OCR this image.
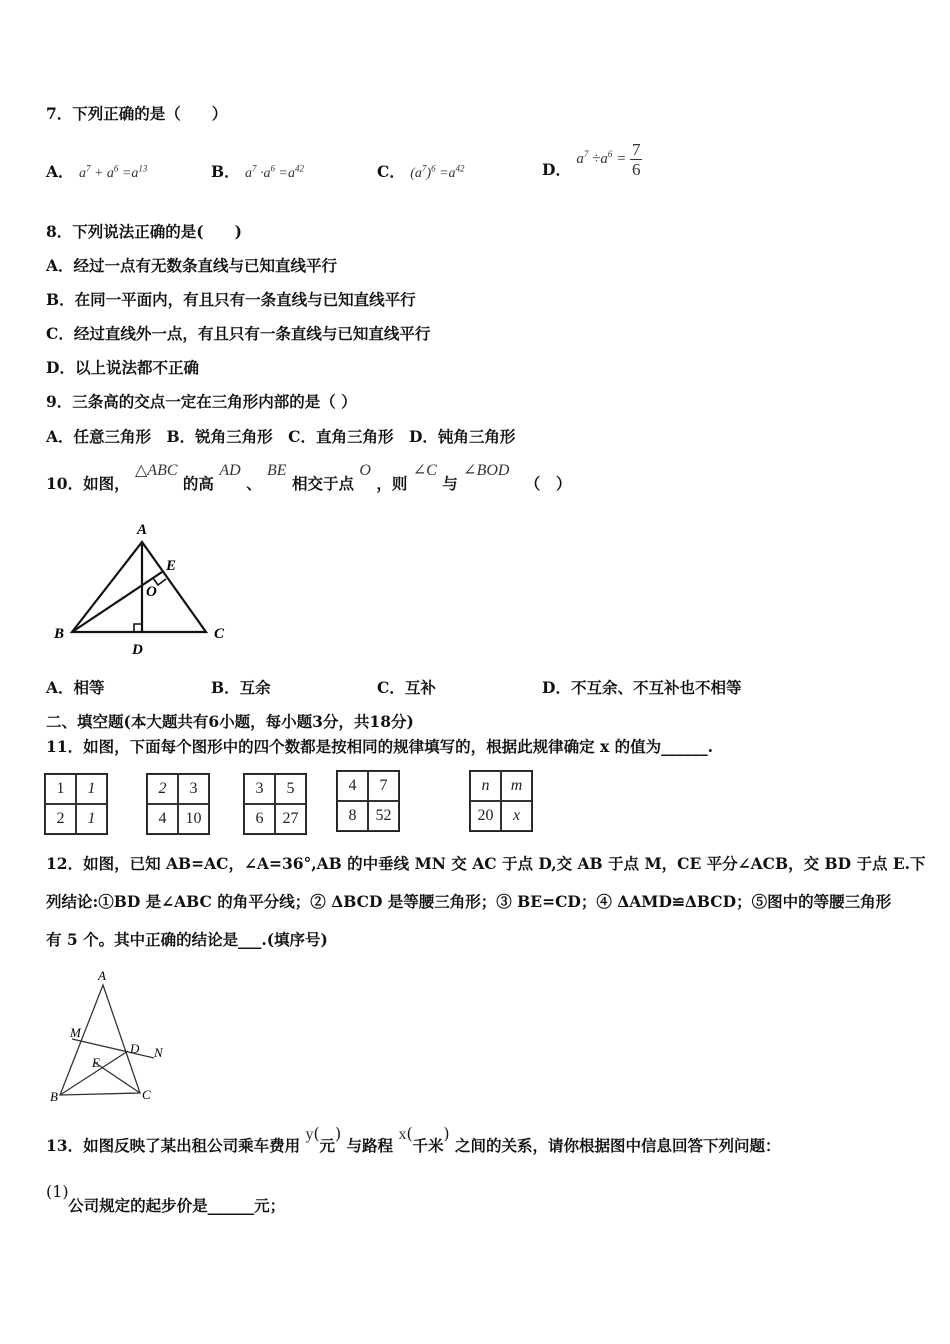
7．下列正确的是（　　）
A． $a^7 + a^6 =a^{13}$	B． $a^7 \cdot a^6 =a^{42}$	C． $(a^7)^6 =a^{42}$	D． $a^7 \div a^6 = \frac{7}{6}$
8．下列说法正确的是(　　)
A．经过一点有无数条直线与已知直线平行
B．在同一平面内，有且只有一条直线与已知直线平行
C．经过直线外一点，有且只有一条直线与已知直线平行
D．以上说法都不正确
9．三条高的交点一定在三角形内部的是（ ）
A．任意三角形　B．锐角三角形　C．直角三角形　D．钝角三角形
10．如图， △ABC 的高 AD 、 BE 相交于点 O ，则 ∠C 与 ∠BOD （　）
A
E
O
B	C
D
A．相等	B．互余	C．互补	D．不互余、不互补也不相等
二、填空题(本大题共有6小题，每小题3分，共18分)
11．如图，下面每个图形中的四个数都是按相同的规律填写的，根据此规律确定 x 的值为______.
1	1
2	1
2	3
4	10
3	5
6	27
4	7
8	52
n	m
20	x
12．如图，已知 AB=AC，∠A=36°,AB 的中垂线 MN 交 AC 于点 D,交 AB 于点 M，CE 平分∠ACB，交 BD 于点 E.下
列结论:①BD 是∠ABC 的角平分线；② ΔBCD 是等腰三角形；③ BE=CD；④ ΔAMD≌ΔBCD；⑤图中的等腰三角形
有 5 个。其中正确的结论是___.(填序号)
A
M
D N
E
B	C
13．如图反映了某出租公司乘车费用 y(元) 与路程 x(千米) 之间的关系，请你根据图中信息回答下列问题：
(1) 公司规定的起步价是______元；
